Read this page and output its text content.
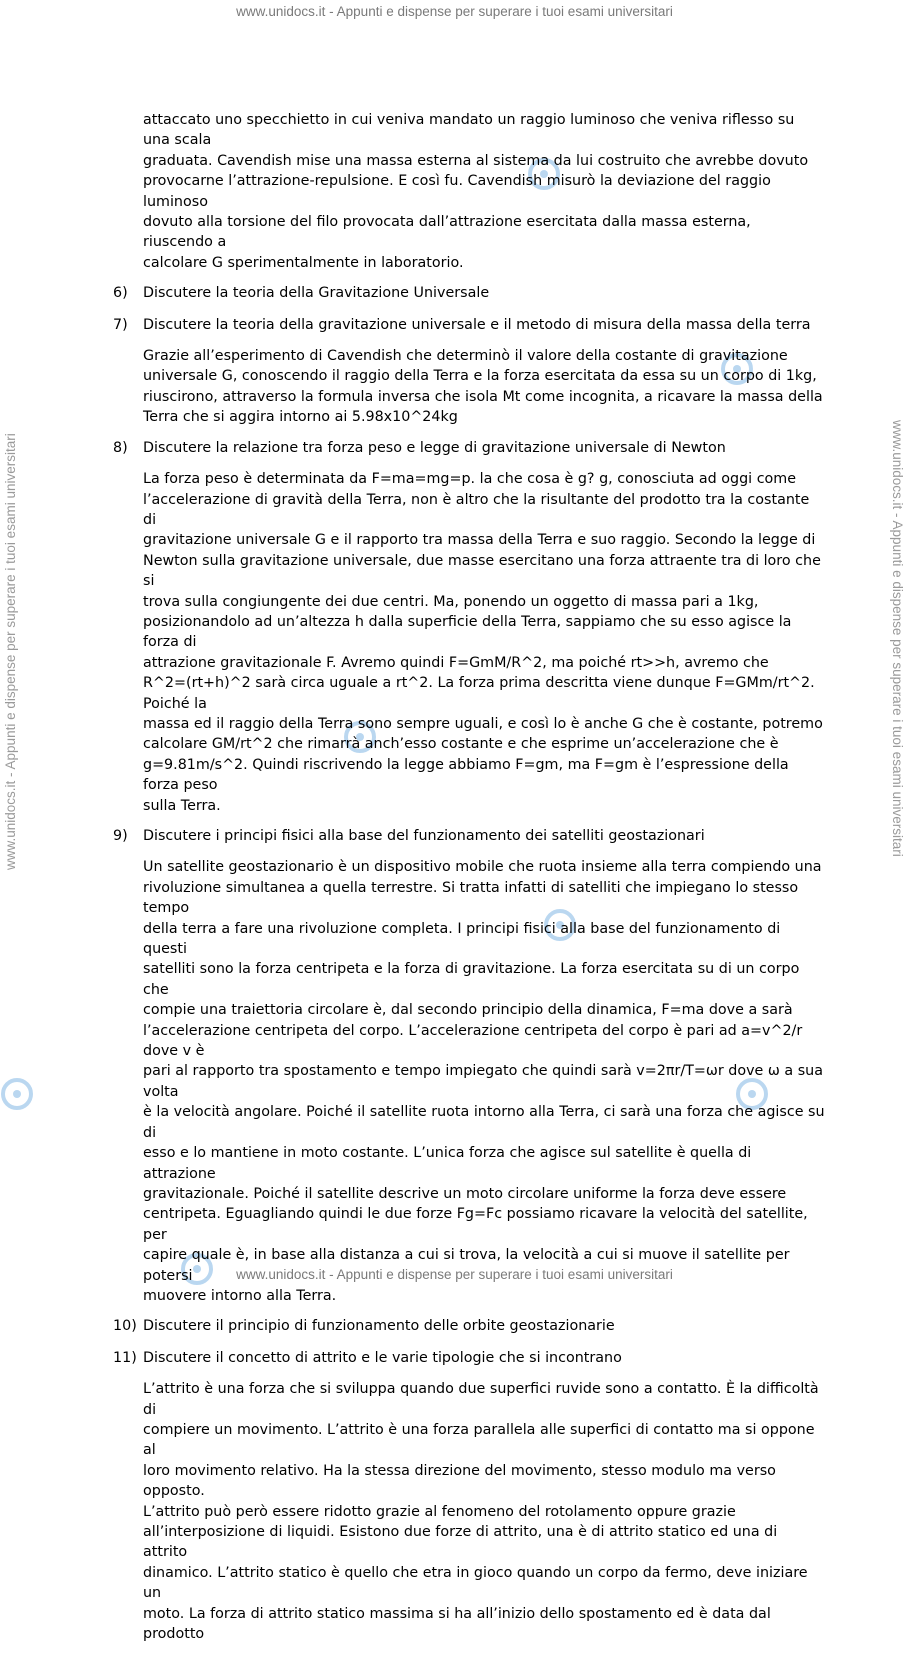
www.unidocs.it - Appunti e dispense per superare i tuoi esami universitari
www.unidocs.it - Appunti e dispense per superare i tuoi esami universitari
www.unidocs.it - Appunti e dispense per superare i tuoi esami universitari	www.unidocs.it - Appunti e dispense per superare i tuoi esami universitari
attaccato uno specchietto in cui veniva mandato un raggio luminoso che veniva riflesso su una scala
graduata. Cavendish mise una massa esterna al sistema da lui costruito che avrebbe dovuto
provocarne l’attrazione-repulsione. E così fu. Cavendish misurò la deviazione del raggio luminoso
dovuto alla torsione del filo provocata dall’attrazione esercitata dalla massa esterna, riuscendo a
calcolare G sperimentalmente in laboratorio.
6)	Discutere la teoria della Gravitazione Universale
7)	Discutere la teoria della gravitazione universale e il metodo di misura della massa della terra
Grazie all’esperimento di Cavendish che determinò il valore della costante di gravitazione
universale G, conoscendo il raggio della Terra e la forza esercitata da essa su un corpo di 1kg,
riuscirono, attraverso la formula inversa che isola Mt come incognita, a ricavare la massa della
Terra che si aggira intorno ai 5.98x10^24kg
8)	Discutere la relazione tra forza peso e legge di gravitazione universale di Newton
La forza peso è determinata da F=ma=mg=p. la che cosa è g? g, conosciuta ad oggi come
l’accelerazione di gravità della Terra, non è altro che la risultante del prodotto tra la costante di
gravitazione universale G e il rapporto tra massa della Terra e suo raggio. Secondo la legge di
Newton sulla gravitazione universale, due masse esercitano una forza attraente tra di loro che si
trova sulla congiungente dei due centri. Ma, ponendo un oggetto di massa pari a 1kg,
posizionandolo ad un’altezza h dalla superficie della Terra, sappiamo che su esso agisce la forza di
attrazione gravitazionale F. Avremo quindi F=GmM/R^2, ma poiché rt>>h, avremo che
R^2=(rt+h)^2 sarà circa uguale a rt^2. La forza prima descritta viene dunque F=GMm/rt^2. Poiché la
massa ed il raggio della Terra sono sempre uguali, e così lo è anche G che è costante, potremo
calcolare GM/rt^2 che rimarrà anch’esso costante e che esprime un’accelerazione che è
g=9.81m/s^2. Quindi riscrivendo la legge abbiamo F=gm, ma F=gm è l’espressione della forza peso
sulla Terra.
9)	Discutere i principi fisici alla base del funzionamento dei satelliti geostazionari
Un satellite geostazionario è un dispositivo mobile che ruota insieme alla terra compiendo una
rivoluzione simultanea a quella terrestre. Si tratta infatti di satelliti che impiegano lo stesso tempo
della terra a fare una rivoluzione completa. I principi fisici alla base del funzionamento di questi
satelliti sono la forza centripeta e la forza di gravitazione. La forza esercitata su di un corpo che
compie una traiettoria circolare è, dal secondo principio della dinamica, F=ma dove a sarà
l’accelerazione centripeta del corpo. L’accelerazione centripeta del corpo è pari ad a=v^2/r dove v è
pari al rapporto tra spostamento e tempo impiegato che quindi sarà v=2πr/T=ωr dove ω a sua volta
è la velocità angolare. Poiché il satellite ruota intorno alla Terra, ci sarà una forza che agisce su di
esso e lo mantiene in moto costante. L’unica forza che agisce sul satellite è quella di attrazione
gravitazionale. Poiché il satellite descrive un moto circolare uniforme la forza deve essere
centripeta. Eguagliando quindi le due forze Fg=Fc possiamo ricavare la velocità del satellite, per
capire quale è, in base alla distanza a cui si trova, la velocità a cui si muove il satellite per potersi
muovere intorno alla Terra.
10) Discutere il principio di funzionamento delle orbite geostazionarie
11) Discutere il concetto di attrito e le varie tipologie che si incontrano
L’attrito è una forza che si sviluppa quando due superfici ruvide sono a contatto. È la difficoltà di
compiere un movimento. L’attrito è una forza parallela alle superfici di contatto ma si oppone al
loro movimento relativo. Ha la stessa direzione del movimento, stesso modulo ma verso opposto.
L’attrito può però essere ridotto grazie al fenomeno del rotolamento oppure grazie
all’interposizione di liquidi. Esistono due forze di attrito, una è di attrito statico ed una di attrito
dinamico. L’attrito statico è quello che etra in gioco quando un corpo da fermo, deve iniziare un
moto. La forza di attrito statico massima si ha all’inizio dello spostamento ed è data dal prodotto
